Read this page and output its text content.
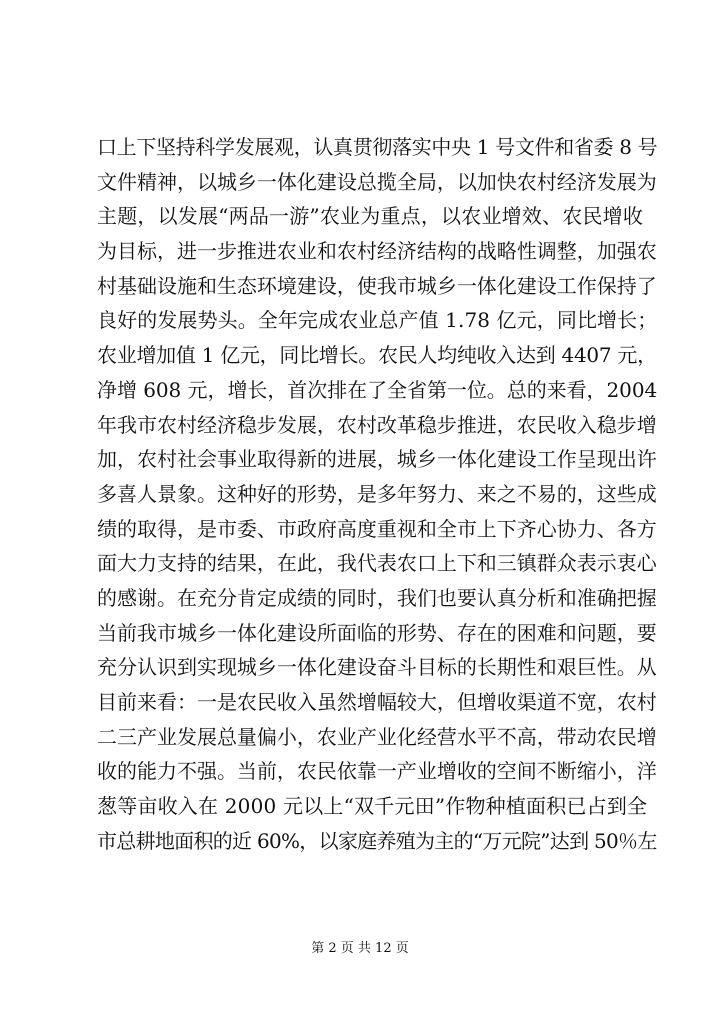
口上下坚持科学发展观，认真贯彻落实中央 1 号文件和省委 8 号
文件精神，以城乡一体化建设总揽全局，以加快农村经济发展为
主题，以发展“两品一游”农业为重点，以农业增效、农民增收
为目标，进一步推进农业和农村经济结构的战略性调整，加强农
村基础设施和生态环境建设，使我市城乡一体化建设工作保持了
良好的发展势头。全年完成农业总产值 1.78 亿元，同比增长；
农业增加值 1 亿元，同比增长。农民人均纯收入达到 4407 元，
净增 608 元，增长，首次排在了全省第一位。总的来看，2004
年我市农村经济稳步发展，农村改革稳步推进，农民收入稳步增
加，农村社会事业取得新的进展，城乡一体化建设工作呈现出许
多喜人景象。这种好的形势，是多年努力、来之不易的，这些成
绩的取得，是市委、市政府高度重视和全市上下齐心协力、各方
面大力支持的结果，在此，我代表农口上下和三镇群众表示衷心
的感谢。在充分肯定成绩的同时，我们也要认真分析和准确把握
当前我市城乡一体化建设所面临的形势、存在的困难和问题，要
充分认识到实现城乡一体化建设奋斗目标的长期性和艰巨性。从
目前来看：一是农民收入虽然增幅较大，但增收渠道不宽，农村
二三产业发展总量偏小，农业产业化经营水平不高，带动农民增
收的能力不强。当前，农民依靠一产业增收的空间不断缩小，洋
葱等亩收入在 2000 元以上“双千元田”作物种植面积已占到全
市总耕地面积的近 60%，以家庭养殖为主的“万元院”达到 50％左
第 2 页 共 12 页
